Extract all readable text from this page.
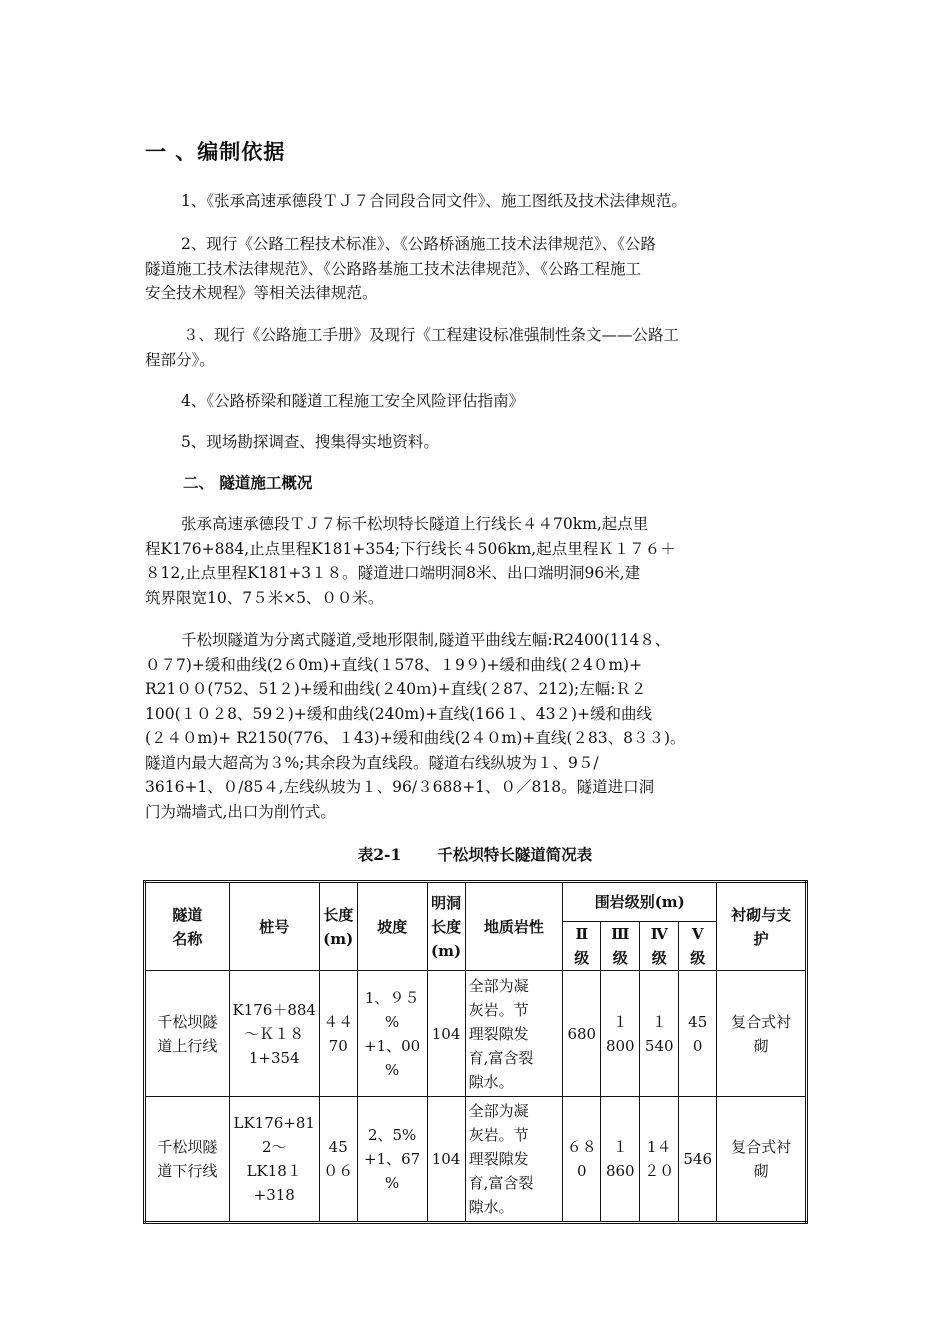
一 、编制依据

1、《张承高速承德段ＴＪ７合同段合同文件》、施工图纸及技术法律规范。

2、现行《公路工程技术标准》、《公路桥涵施工技术法律规范》、《公路
隧道施工技术法律规范》、《公路路基施工技术法律规范》、《公路工程施工
安全技术规程》等相关法律规范。

３、现行《公路施工手册》及现行《工程建设标准强制性条文——公路工
程部分》。

4、《公路桥梁和隧道工程施工安全风险评估指南》

5、现场勘探调查、搜集得实地资料。

二、 隧道施工概况

张承高速承德段ＴＪ７标千松坝特长隧道上行线长４４70km,起点里
程K176+884,止点里程K181+354;下行线长４506km,起点里程Ｋ１７６＋
８12,止点里程K181+3１８。隧道进口端明洞8米、出口端明洞96米,建
筑界限宽10、7５米×5、００米。

千松坝隧道为分离式隧道,受地形限制,隧道平曲线左幅:R2400(114８、
０７7)+缓和曲线(2６0m)+直线(１578、１9９)+缓和曲线(２4０m)+
R21００(752、51２)+缓和曲线(２40ｍ)+直线(２87、212);左幅:Ｒ２
100(１０２8、59２)+缓和曲线(240m)+直线(166１、43２)+缓和曲线
(２４０m)+ R2150(776、１43)+缓和曲线(2４０m)+直线(２83、8３３)。
隧道内最大超高为３%;其余段为直线段。隧道右线纵坡为１、9５/
3616+1、０/85４,左线纵坡为１、96/３688+1、０／818。隧道进口洞
门为端墙式,出口为削竹式。

表2-1 千松坝特长隧道简况表
隧道
名称	桩号	长度
(m)	坡度	明洞
长度
(m)	地质岩性	围岩级别(m)				衬砌与支
护

						Ⅱ
级	Ⅲ
级	Ⅳ
级	Ⅴ
级	

千松坝隧
道上行线	K176＋884
～Ｋ１８
1+354	４４
70	1、９５
%
+1、00
%	104	全部为凝
灰岩。节
理裂隙发
育,富含裂
隙水。	680	１
800	１
540	45
0	复合式衬
砌

千松坝隧
道下行线	LK176+81
2～
LK18１
+318	45
０６	2、5%
+1、67
%	104	全部为凝
灰岩。节
理裂隙发
育,富含裂
隙水。	６８
0	１
860	1４
２０	546	复合式衬
砌
